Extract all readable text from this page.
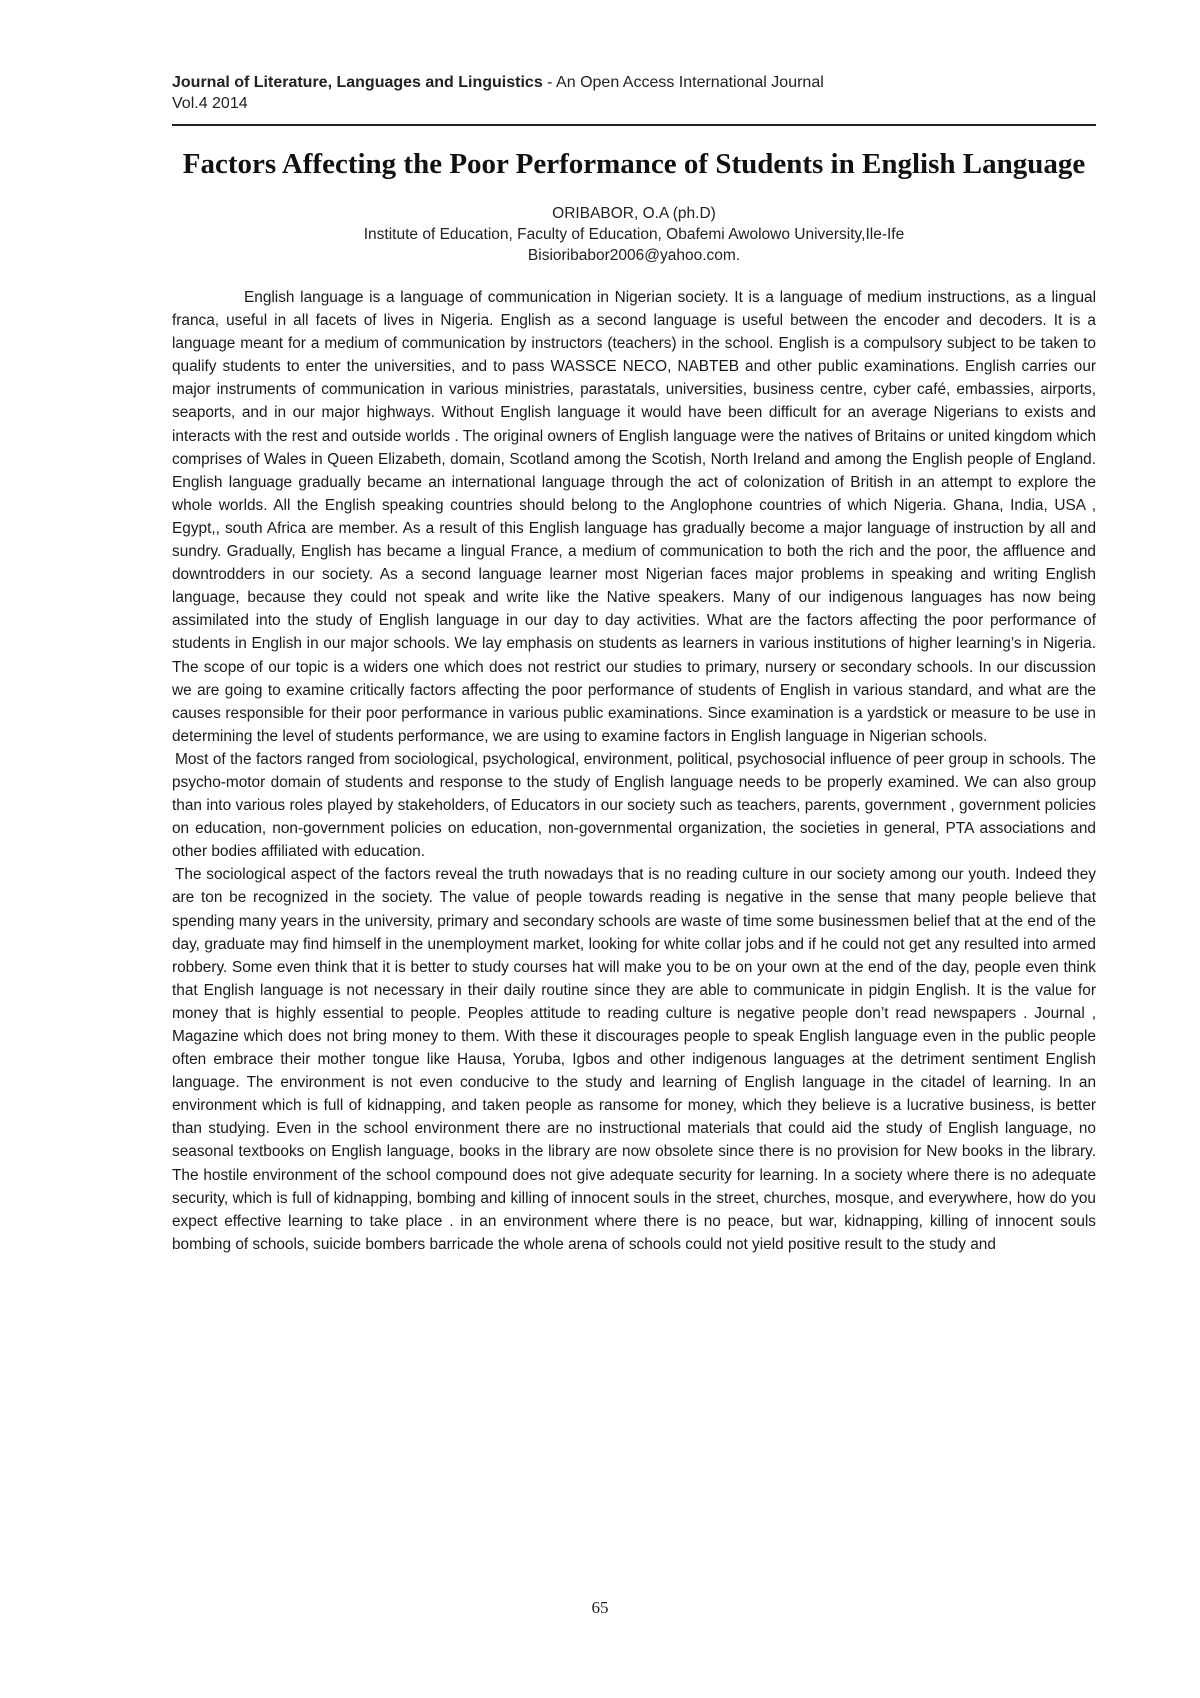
Journal of Literature, Languages and Linguistics - An Open Access International Journal
Vol.4 2014
Factors Affecting the Poor Performance of Students in English Language
ORIBABOR, O.A (ph.D)
Institute of Education, Faculty of Education, Obafemi Awolowo University,Ile-Ife
Bisioribabor2006@yahoo.com.

English language is a language of communication in Nigerian society. It is a language of medium instructions, as a lingual franca, useful in all facets of lives in Nigeria. English as a second language is useful between the encoder and decoders. It is a language meant for a medium of communication by instructors (teachers) in the school. English is a compulsory subject to be taken to qualify students to enter the universities, and to pass WASSCE NECO, NABTEB and other public examinations. English carries our major instruments of communication in various ministries, parastatals, universities, business centre, cyber café, embassies, airports, seaports, and in our major highways. Without English language it would have been difficult for an average Nigerians to exists and interacts with the rest and outside worlds . The original owners of English language were the natives of Britains or united kingdom which comprises of Wales in Queen Elizabeth, domain, Scotland among the Scotish, North Ireland and among the English people of England. English language gradually became an international language through the act of colonization of British in an attempt to explore the whole worlds. All the English speaking countries should belong to the Anglophone countries of which Nigeria. Ghana, India, USA , Egypt,, south Africa are member. As a result of this English language has gradually become a major language of instruction by all and sundry. Gradually, English has became a lingual France, a medium of communication to both the rich and the poor, the affluence and downtrodders in our society. As a second language learner most Nigerian faces major problems in speaking and writing English language, because they could not speak and write like the Native speakers. Many of our indigenous languages has now being assimilated into the study of English language in our day to day activities. What are the factors affecting the poor performance of students in English in our major schools. We lay emphasis on students as learners in various institutions of higher learning’s in Nigeria. The scope of our topic is a widers one which does not restrict our studies to primary, nursery or secondary schools. In our discussion we are going to examine critically factors affecting the poor performance of students of English in various standard, and what are the causes responsible for their poor performance in various public examinations. Since examination is a yardstick or measure to be use in determining the level of students performance, we are using to examine factors in English language in Nigerian schools.

Most of the factors ranged from sociological, psychological, environment, political, psychosocial influence of peer group in schools. The psycho-motor domain of students and response to the study of English language needs to be properly examined. We can also group than into various roles played by stakeholders, of Educators in our society such as teachers, parents, government , government policies on education, non-government policies on education, non-governmental organization, the societies in general, PTA associations and other bodies affiliated with education.

The sociological aspect of the factors reveal the truth nowadays that is no reading culture in our society among our youth. Indeed they are ton be recognized in the society. The value of people towards reading is negative in the sense that many people believe that spending many years in the university, primary and secondary schools are waste of time some businessmen belief that at the end of the day, graduate may find himself in the unemployment market, looking for white collar jobs and if he could not get any resulted into armed robbery. Some even think that it is better to study courses hat will make you to be on your own at the end of the day, people even think that English language is not necessary in their daily routine since they are able to communicate in pidgin English. It is the value for money that is highly essential to people. Peoples attitude to reading culture is negative people don’t read newspapers . Journal , Magazine which does not bring money to them. With these it discourages people to speak English language even in the public people often embrace their mother tongue like Hausa, Yoruba, Igbos and other indigenous languages at the detriment sentiment English language. The environment is not even conducive to the study and learning of English language in the citadel of learning. In an environment which is full of kidnapping, and taken people as ransome for money, which they believe is a lucrative business, is better than studying. Even in the school environment there are no instructional materials that could aid the study of English language, no seasonal textbooks on English language, books in the library are now obsolete since there is no provision for New books in the library. The hostile environment of the school compound does not give adequate security for learning. In a society where there is no adequate security, which is full of kidnapping, bombing and killing of innocent souls in the street, churches, mosque, and everywhere, how do you expect effective learning to take place . in an environment where there is no peace, but war, kidnapping, killing of innocent souls bombing of schools, suicide bombers barricade the whole arena of schools could not yield positive result to the study and

65
